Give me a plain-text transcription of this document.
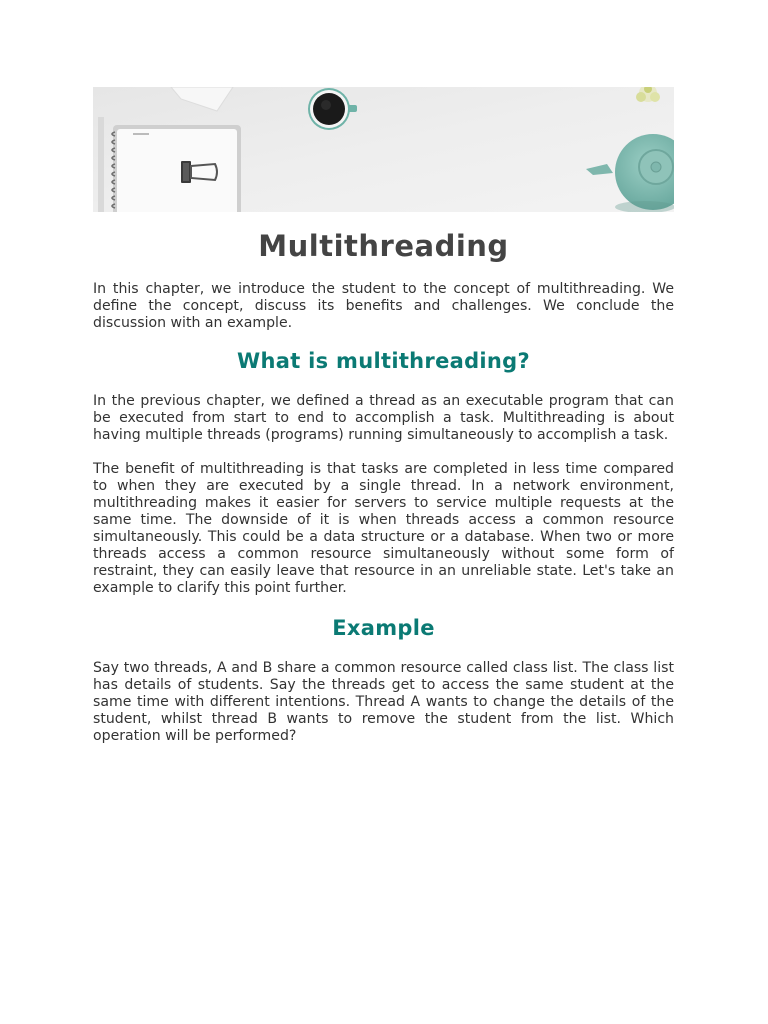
Multithreading

In this chapter, we introduce the student to the concept of multithreading. We define the concept, discuss its benefits and challenges. We conclude the discussion with an example.

What is multithreading?

In the previous chapter, we defined a thread as an executable program that can be executed from start to end to accomplish a task. Multithreading is about having multiple threads (programs) running simultaneously to accomplish a task.

The benefit of multithreading is that tasks are completed in less time compared to when they are executed by a single thread. In a network environment, multithreading makes it easier for servers to service multiple requests at the same time. The downside of it is when threads access a common resource simultaneously. This could be a data structure or a database. When two or more threads access a common resource simultaneously without some form of restraint, they can easily leave that resource in an unreliable state. Let's take an example to clarify this point further.

Example

Say two threads, A and B share a common resource called class list. The class list has details of students. Say the threads get to access the same student at the same time with different intentions. Thread A wants to change the details of the student, whilst thread B wants to remove the student from the list. Which operation will be performed?
